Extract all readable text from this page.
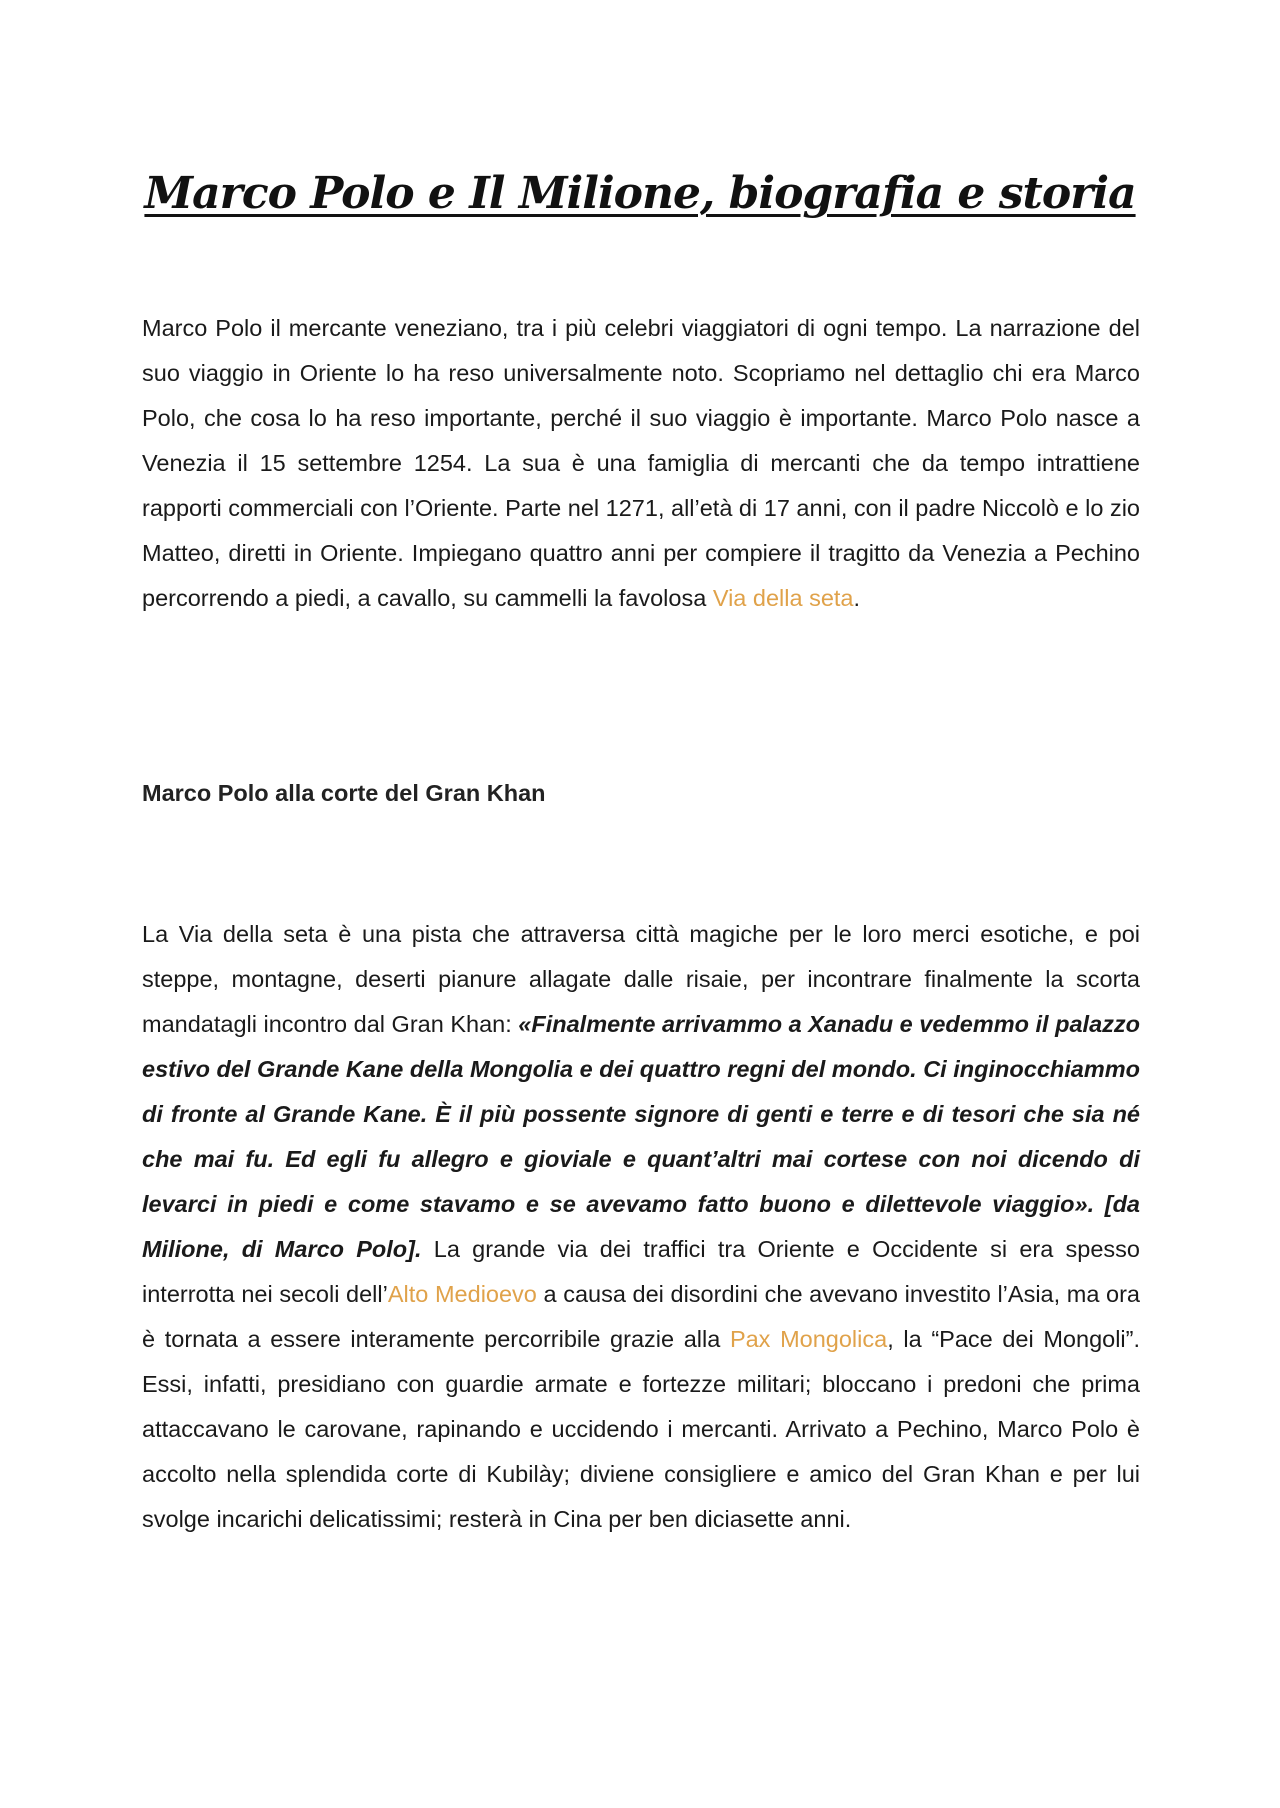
Marco Polo e Il Milione, biografia e storia

Marco Polo il mercante veneziano, tra i più celebri viaggiatori di ogni tempo. La narrazione del suo viaggio in Oriente lo ha reso universalmente noto. Scopriamo nel dettaglio chi era Marco Polo, che cosa lo ha reso importante, perché il suo viaggio è importante. Marco Polo nasce a Venezia il 15 settembre 1254. La sua è una famiglia di mercanti che da tempo intrattiene rapporti commerciali con l’Oriente. Parte nel 1271, all’età di 17 anni, con il padre Niccolò e lo zio Matteo, diretti in Oriente. Impiegano quattro anni per compiere il tragitto da Venezia a Pechino percorrendo a piedi, a cavallo, su cammelli la favolosa Via della seta.

Marco Polo alla corte del Gran Khan

La Via della seta è una pista che attraversa città magiche per le loro merci esotiche, e poi steppe, montagne, deserti pianure allagate dalle risaie, per incontrare finalmente la scorta mandatagli incontro dal Gran Khan: «Finalmente arrivammo a Xanadu e vedemmo il palazzo estivo del Grande Kane della Mongolia e dei quattro regni del mondo. Ci inginocchiammo di fronte al Grande Kane. È il più possente signore di genti e terre e di tesori che sia né che mai fu. Ed egli fu allegro e gioviale e quant’altri mai cortese con noi dicendo di levarci in piedi e come stavamo e se avevamo fatto buono e dilettevole viaggio». [da Milione, di Marco Polo]. La grande via dei traffici tra Oriente e Occidente si era spesso interrotta nei secoli dell’Alto Medioevo a causa dei disordini che avevano investito l’Asia, ma ora è tornata a essere interamente percorribile grazie alla Pax Mongolica, la “Pace dei Mongoli”. Essi, infatti, presidiano con guardie armate e fortezze militari; bloccano i predoni che prima attaccavano le carovane, rapinando e uccidendo i mercanti. Arrivato a Pechino, Marco Polo è accolto nella splendida corte di Kubilày; diviene consigliere e amico del Gran Khan e per lui svolge incarichi delicatissimi; resterà in Cina per ben diciasette anni.
